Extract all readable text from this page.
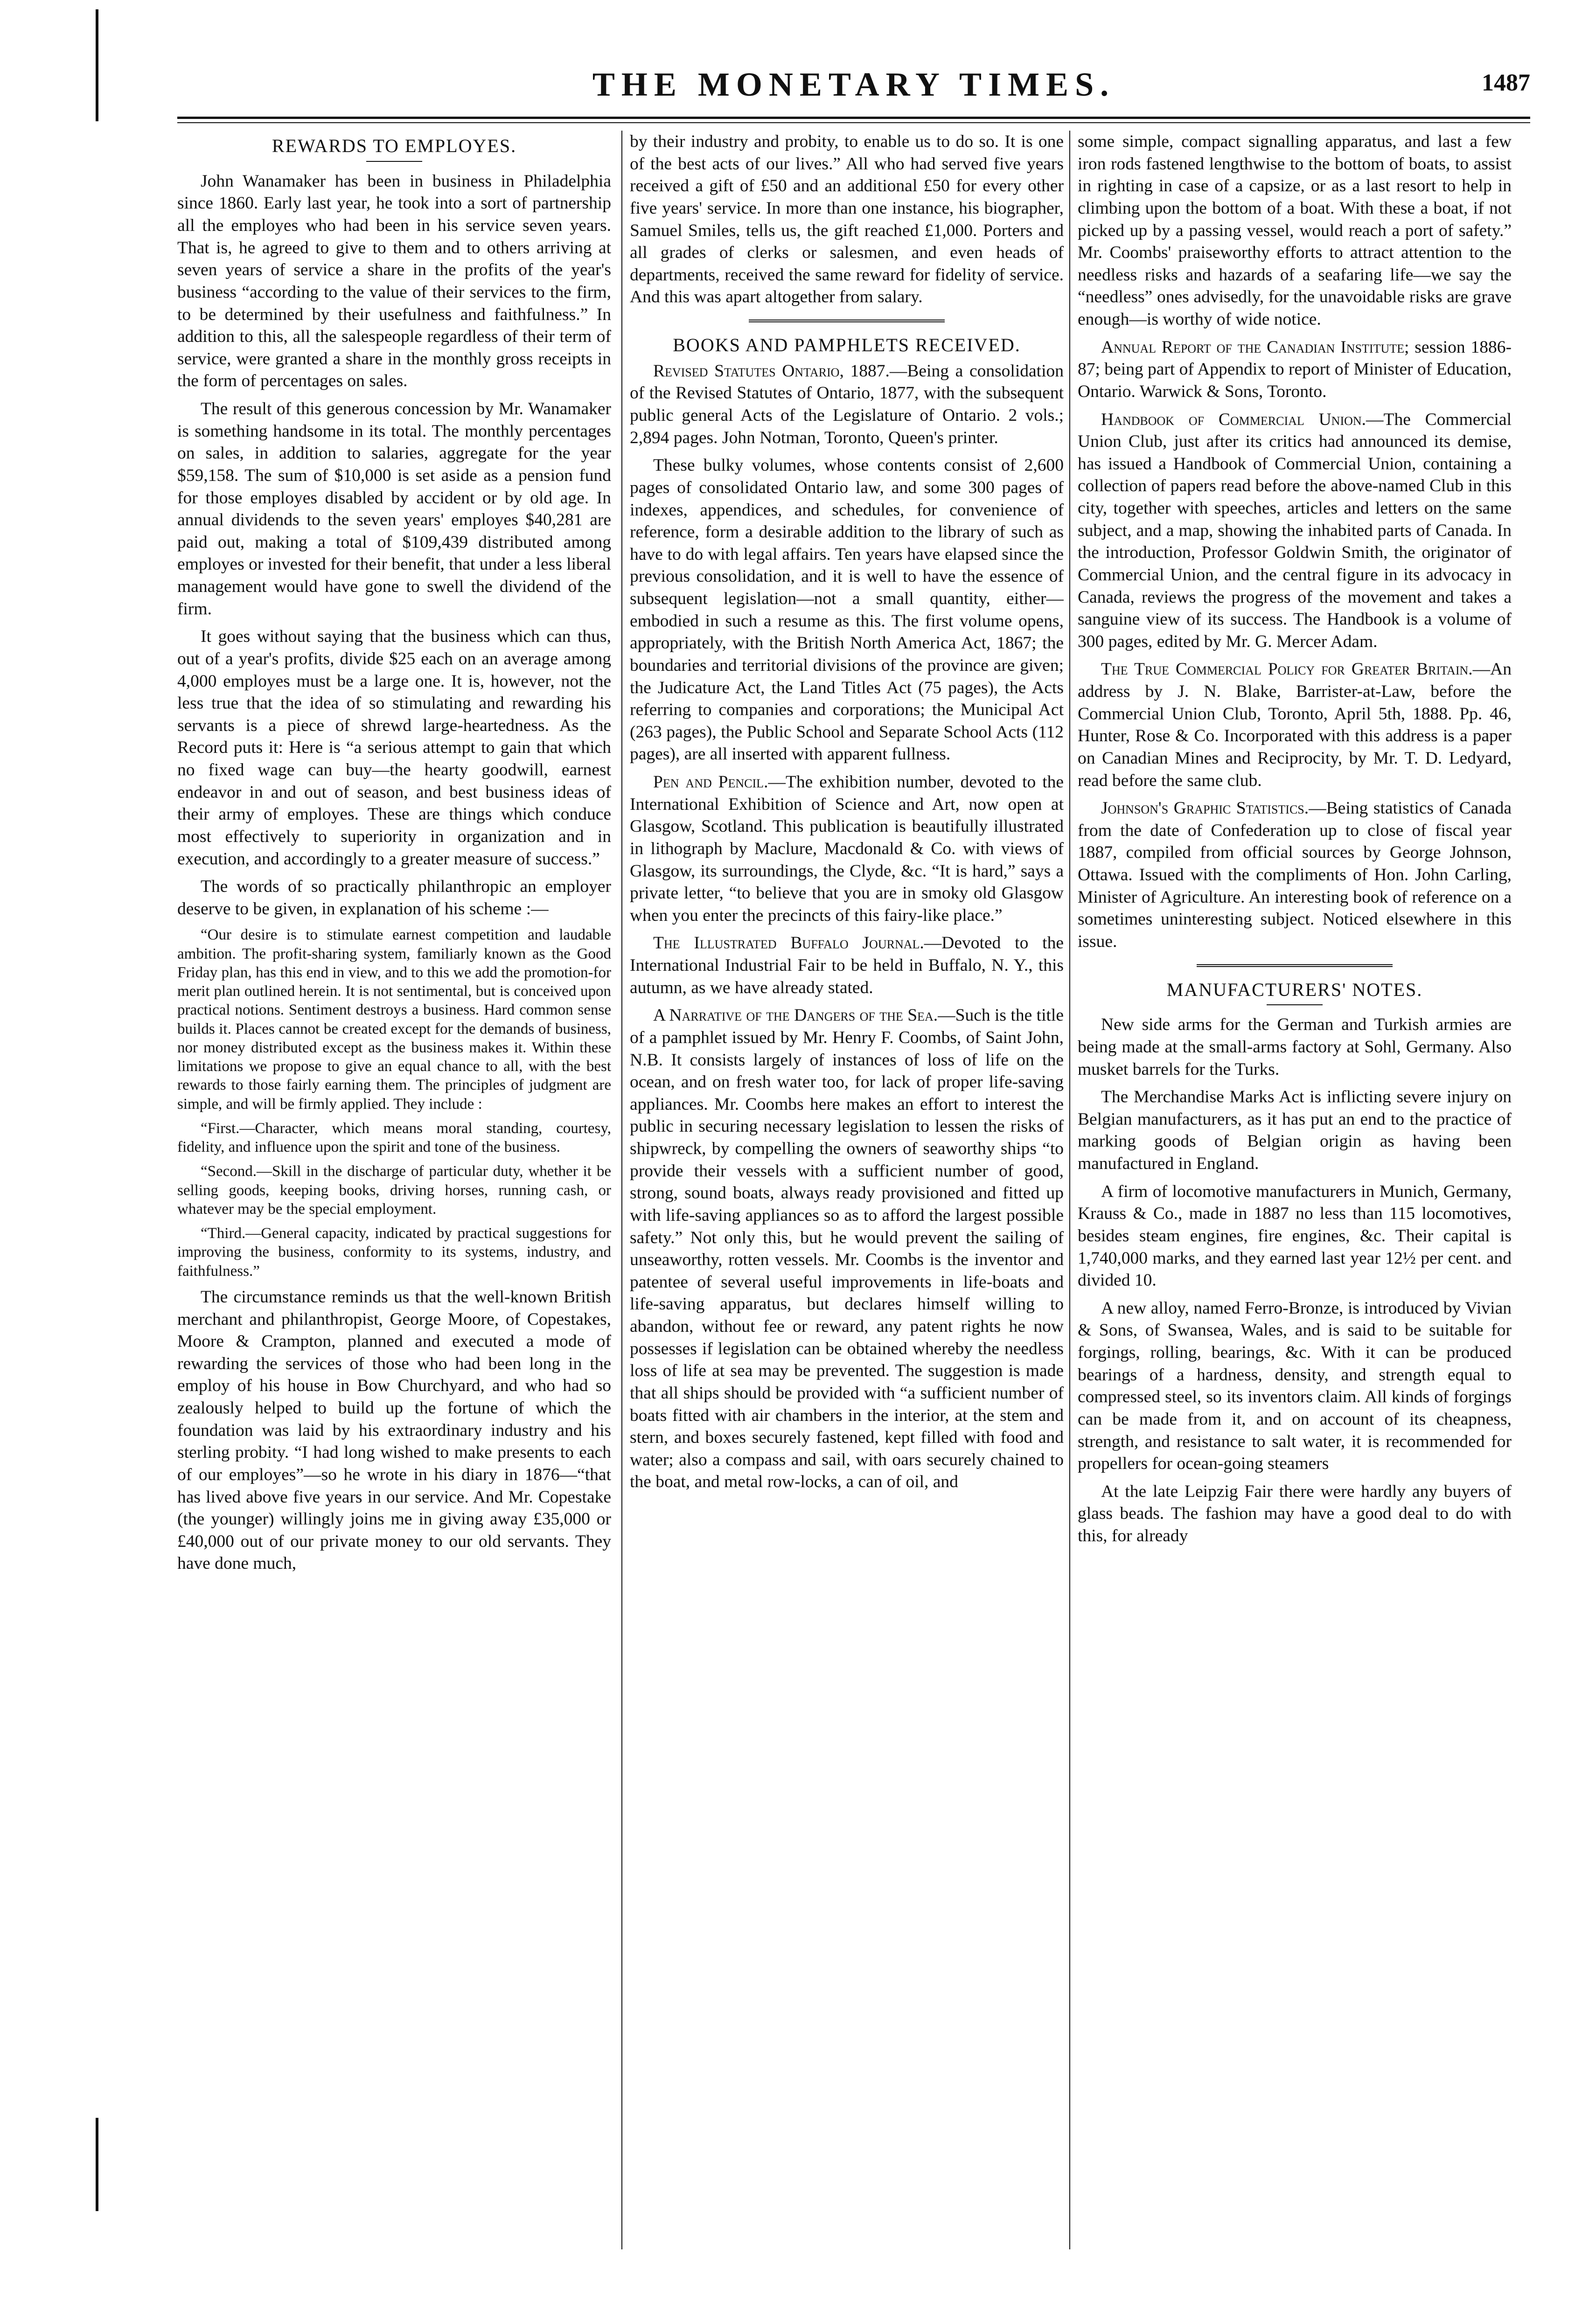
THE MONETARY TIMES.	1487
REWARDS TO EMPLOYES.

John Wanamaker has been in business in Philadelphia since 1860. Early last year, he took into a sort of partnership all the employes who had been in his service seven years. That is, he agreed to give to them and to others arriving at seven years of service a share in the profits of the year's business “according to the value of their services to the firm, to be determined by their usefulness and faithfulness.” In addition to this, all the salespeople regardless of their term of service, were granted a share in the monthly gross receipts in the form of percentages on sales.

The result of this generous concession by Mr. Wanamaker is something handsome in its total. The monthly percentages on sales, in addition to salaries, aggregate for the year $59,158. The sum of $10,000 is set aside as a pension fund for those employes disabled by accident or by old age. In annual dividends to the seven years' employes $40,281 are paid out, making a total of $109,439 distributed among employes or invested for their benefit, that under a less liberal management would have gone to swell the dividend of the firm.

It goes without saying that the business which can thus, out of a year's profits, divide $25 each on an average among 4,000 employes must be a large one. It is, however, not the less true that the idea of so stimulating and rewarding his servants is a piece of shrewd large-heartedness. As the Record puts it: Here is “a serious attempt to gain that which no fixed wage can buy—the hearty goodwill, earnest endeavor in and out of season, and best business ideas of their army of employes. These are things which conduce most effectively to superiority in organization and in execution, and accordingly to a greater measure of success.”

The words of so practically philanthropic an employer deserve to be given, in explanation of his scheme :—

“Our desire is to stimulate earnest competition and laudable ambition. The profit-sharing system, familiarly known as the Good Friday plan, has this end in view, and to this we add the promotion-for merit plan outlined herein. It is not sentimental, but is conceived upon practical notions. Sentiment destroys a business. Hard common sense builds it. Places cannot be created except for the demands of business, nor money distributed except as the business makes it. Within these limitations we propose to give an equal chance to all, with the best rewards to those fairly earning them. The principles of judgment are simple, and will be firmly applied. They include :

“First.—Character, which means moral standing, courtesy, fidelity, and influence upon the spirit and tone of the business.

“Second.—Skill in the discharge of particular duty, whether it be selling goods, keeping books, driving horses, running cash, or whatever may be the special employment.

“Third.—General capacity, indicated by practical suggestions for improving the business, conformity to its systems, industry, and faithfulness.”

The circumstance reminds us that the well-known British merchant and philanthropist, George Moore, of Copestakes, Moore & Crampton, planned and executed a mode of rewarding the services of those who had been long in the employ of his house in Bow Churchyard, and who had so zealously helped to build up the fortune of which the foundation was laid by his extraordinary industry and his sterling probity. “I had long wished to make presents to each of our employes”—so he wrote in his diary in 1876—“that has lived above five years in our service. And Mr. Copestake (the younger) willingly joins me in giving away £35,000 or £40,000 out of our private money to our old servants. They have done much,

by their industry and probity, to enable us to do so. It is one of the best acts of our lives.” All who had served five years received a gift of £50 and an additional £50 for every other five years' service. In more than one instance, his biographer, Samuel Smiles, tells us, the gift reached £1,000. Porters and all grades of clerks or salesmen, and even heads of departments, received the same reward for fidelity of service. And this was apart altogether from salary.

BOOKS AND PAMPHLETS RECEIVED.

Revised Statutes Ontario, 1887.—Being a consolidation of the Revised Statutes of Ontario, 1877, with the subsequent public general Acts of the Legislature of Ontario. 2 vols.; 2,894 pages. John Notman, Toronto, Queen's printer.

These bulky volumes, whose contents consist of 2,600 pages of consolidated Ontario law, and some 300 pages of indexes, appendices, and schedules, for convenience of reference, form a desirable addition to the library of such as have to do with legal affairs. Ten years have elapsed since the previous consolidation, and it is well to have the essence of subsequent legislation—not a small quantity, either—embodied in such a resume as this. The first volume opens, appropriately, with the British North America Act, 1867; the boundaries and territorial divisions of the province are given; the Judicature Act, the Land Titles Act (75 pages), the Acts referring to companies and corporations; the Municipal Act (263 pages), the Public School and Separate School Acts (112 pages), are all inserted with apparent fullness.

Pen and Pencil.—The exhibition number, devoted to the International Exhibition of Science and Art, now open at Glasgow, Scotland. This publication is beautifully illustrated in lithograph by Maclure, Macdonald & Co. with views of Glasgow, its surroundings, the Clyde, &c. “It is hard,” says a private letter, “to believe that you are in smoky old Glasgow when you enter the precincts of this fairy-like place.”

The Illustrated Buffalo Journal.—Devoted to the International Industrial Fair to be held in Buffalo, N. Y., this autumn, as we have already stated.

A Narrative of the Dangers of the Sea.—Such is the title of a pamphlet issued by Mr. Henry F. Coombs, of Saint John, N.B. It consists largely of instances of loss of life on the ocean, and on fresh water too, for lack of proper life-saving appliances. Mr. Coombs here makes an effort to interest the public in securing necessary legislation to lessen the risks of shipwreck, by compelling the owners of seaworthy ships “to provide their vessels with a sufficient number of good, strong, sound boats, always ready provisioned and fitted up with life-saving appliances so as to afford the largest possible safety.” Not only this, but he would prevent the sailing of unseaworthy, rotten vessels. Mr. Coombs is the inventor and patentee of several useful improvements in life-boats and life-saving apparatus, but declares himself willing to abandon, without fee or reward, any patent rights he now possesses if legislation can be obtained whereby the needless loss of life at sea may be prevented. The suggestion is made that all ships should be provided with “a sufficient number of boats fitted with air chambers in the interior, at the stem and stern, and boxes securely fastened, kept filled with food and water; also a compass and sail, with oars securely chained to the boat, and metal row-locks, a can of oil, and

some simple, compact signalling apparatus, and last a few iron rods fastened lengthwise to the bottom of boats, to assist in righting in case of a capsize, or as a last resort to help in climbing upon the bottom of a boat. With these a boat, if not picked up by a passing vessel, would reach a port of safety.” Mr. Coombs' praiseworthy efforts to attract attention to the needless risks and hazards of a seafaring life—we say the “needless” ones advisedly, for the unavoidable risks are grave enough—is worthy of wide notice.

Annual Report of the Canadian Institute; session 1886-87; being part of Appendix to report of Minister of Education, Ontario. Warwick & Sons, Toronto.

Handbook of Commercial Union.—The Commercial Union Club, just after its critics had announced its demise, has issued a Handbook of Commercial Union, containing a collection of papers read before the above-named Club in this city, together with speeches, articles and letters on the same subject, and a map, showing the inhabited parts of Canada. In the introduction, Professor Goldwin Smith, the originator of Commercial Union, and the central figure in its advocacy in Canada, reviews the progress of the movement and takes a sanguine view of its success. The Handbook is a volume of 300 pages, edited by Mr. G. Mercer Adam.

The True Commercial Policy for Greater Britain.—An address by J. N. Blake, Barrister-at-Law, before the Commercial Union Club, Toronto, April 5th, 1888. Pp. 46, Hunter, Rose & Co. Incorporated with this address is a paper on Canadian Mines and Reciprocity, by Mr. T. D. Ledyard, read before the same club.

Johnson's Graphic Statistics.—Being statistics of Canada from the date of Confederation up to close of fiscal year 1887, compiled from official sources by George Johnson, Ottawa. Issued with the compliments of Hon. John Carling, Minister of Agriculture. An interesting book of reference on a sometimes uninteresting subject. Noticed elsewhere in this issue.

MANUFACTURERS' NOTES.

New side arms for the German and Turkish armies are being made at the small-arms factory at Sohl, Germany. Also musket barrels for the Turks.

The Merchandise Marks Act is inflicting severe injury on Belgian manufacturers, as it has put an end to the practice of marking goods of Belgian origin as having been manufactured in England.

A firm of locomotive manufacturers in Munich, Germany, Krauss & Co., made in 1887 no less than 115 locomotives, besides steam engines, fire engines, &c. Their capital is 1,740,000 marks, and they earned last year 12½ per cent. and divided 10.

A new alloy, named Ferro-Bronze, is introduced by Vivian & Sons, of Swansea, Wales, and is said to be suitable for forgings, rolling, bearings, &c. With it can be produced bearings of a hardness, density, and strength equal to compressed steel, so its inventors claim. All kinds of forgings can be made from it, and on account of its cheapness, strength, and resistance to salt water, it is recommended for propellers for ocean-going steamers

At the late Leipzig Fair there were hardly any buyers of glass beads. The fashion may have a good deal to do with this, for already
